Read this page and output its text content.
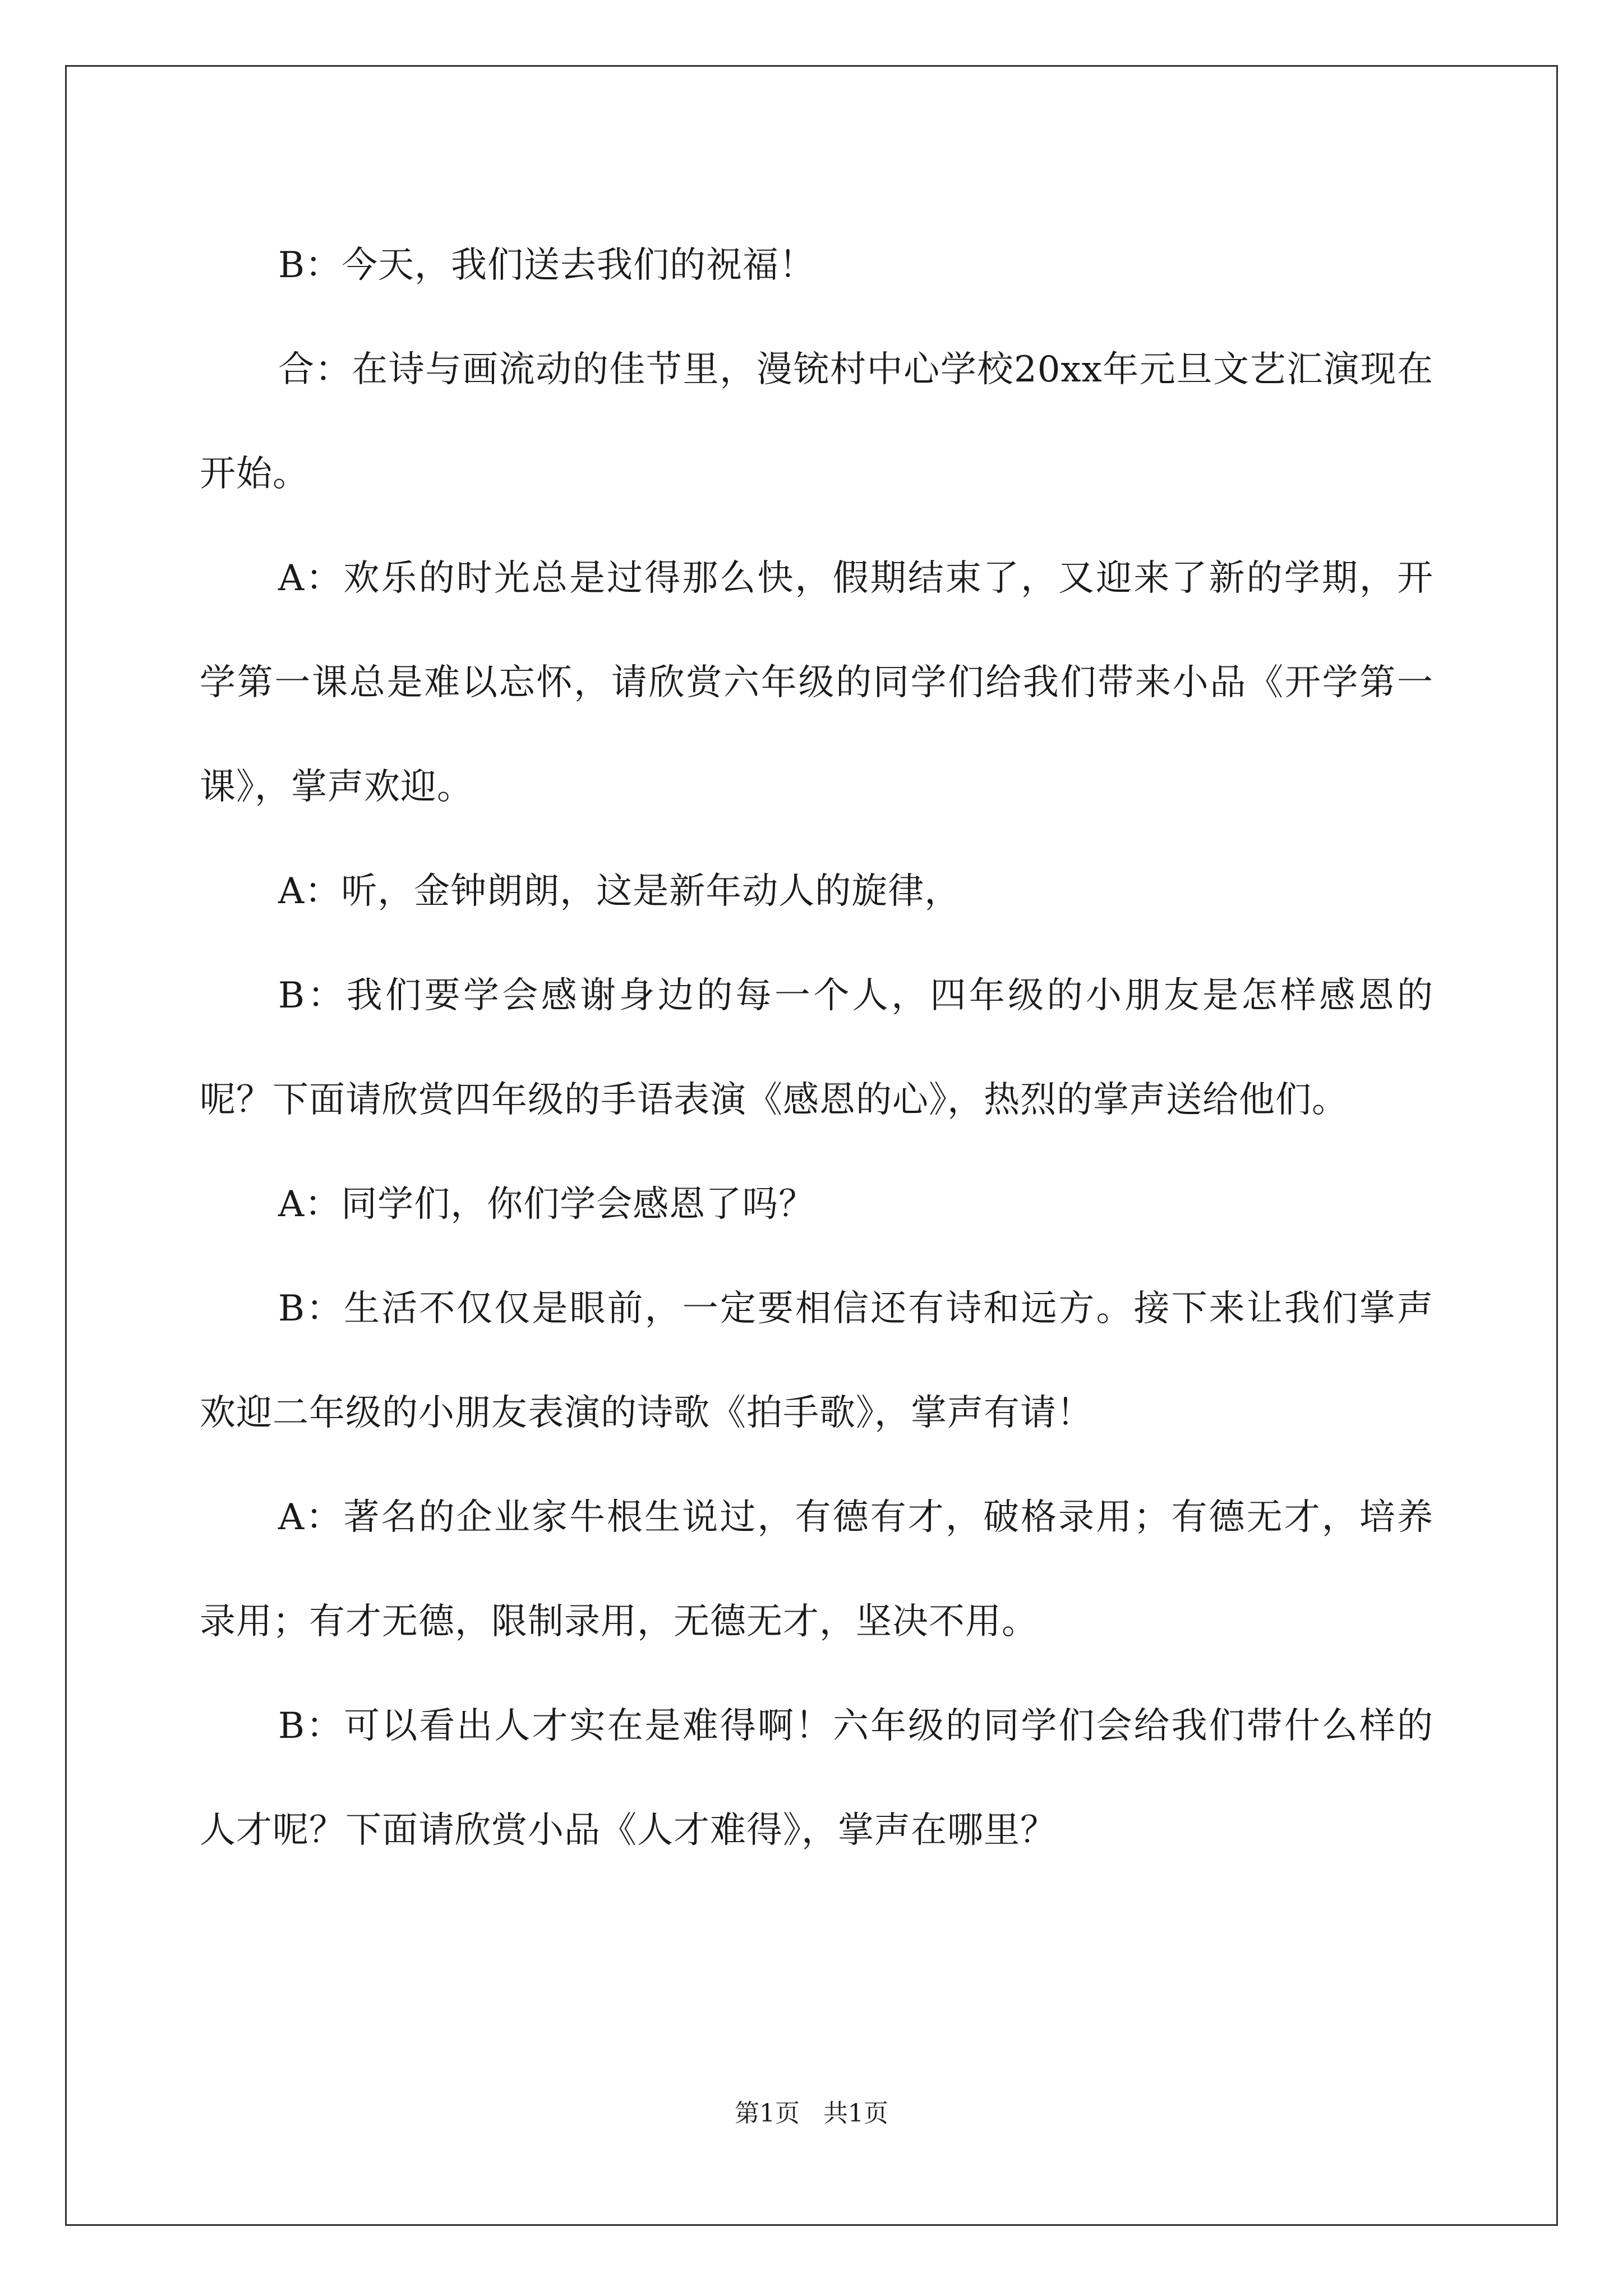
B：今天，我们送去我们的祝福！

合：在诗与画流动的佳节里，漫铳村中心学校20xx年元旦文艺汇演现在开始。

A：欢乐的时光总是过得那么快，假期结束了，又迎来了新的学期，开学第一课总是难以忘怀，请欣赏六年级的同学们给我们带来小品《开学第一课》，掌声欢迎。

A：听，金钟朗朗，这是新年动人的旋律，

B：我们要学会感谢身边的每一个人，四年级的小朋友是怎样感恩的呢？下面请欣赏四年级的手语表演《感恩的心》，热烈的掌声送给他们。

A：同学们，你们学会感恩了吗？

B：生活不仅仅是眼前，一定要相信还有诗和远方。接下来让我们掌声欢迎二年级的小朋友表演的诗歌《拍手歌》，掌声有请！

A：著名的企业家牛根生说过，有德有才，破格录用；有德无才，培养录用；有才无德，限制录用，无德无才，坚决不用。

B：可以看出人才实在是难得啊！六年级的同学们会给我们带什么样的人才呢？下面请欣赏小品《人才难得》，掌声在哪里？

第1页 共1页
